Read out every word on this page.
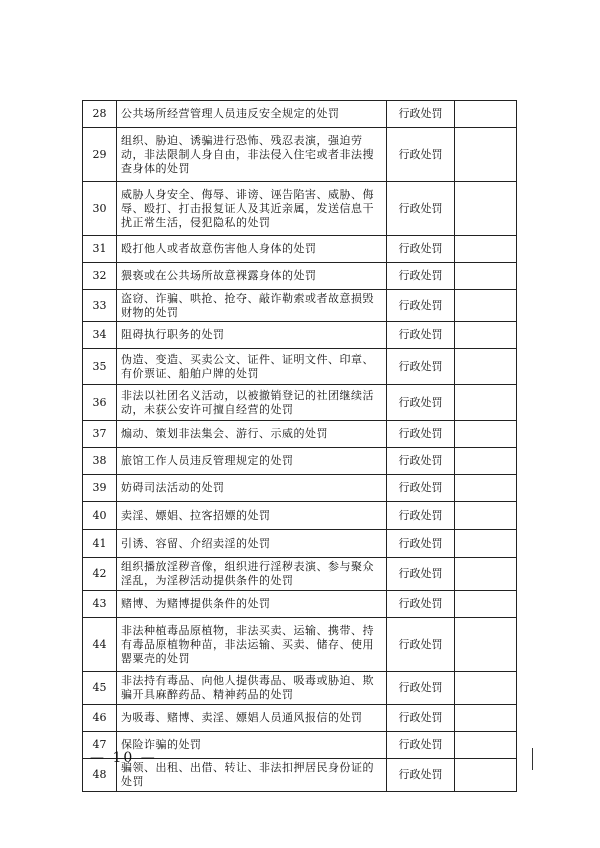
28	公共场所经营管理人员违反安全规定的处罚	行政处罚	
29	组织、胁迫、诱骗进行恐怖、残忍表演，强迫劳动，非法限制人身自由，非法侵入住宅或者非法搜查身体的处罚	行政处罚	
30	威胁人身安全、侮辱、诽谤、诬告陷害、威胁、侮辱、殴打、打击报复证人及其近亲属，发送信息干扰正常生活，侵犯隐私的处罚	行政处罚	
31	殴打他人或者故意伤害他人身体的处罚	行政处罚	
32	猥亵或在公共场所故意裸露身体的处罚	行政处罚	
33	盗窃、诈骗、哄抢、抢夺、敲诈勒索或者故意损毁财物的处罚	行政处罚	
34	阻碍执行职务的处罚	行政处罚	
35	伪造、变造、买卖公文、证件、证明文件、印章、有价票证、船舶户牌的处罚	行政处罚	
36	非法以社团名义活动，以被撤销登记的社团继续活动，未获公安许可擅自经营的处罚	行政处罚	
37	煽动、策划非法集会、游行、示威的处罚	行政处罚	
38	旅馆工作人员违反管理规定的处罚	行政处罚	
39	妨碍司法活动的处罚	行政处罚	
40	卖淫、嫖娼、拉客招嫖的处罚	行政处罚	
41	引诱、容留、介绍卖淫的处罚	行政处罚	
42	组织播放淫秽音像，组织进行淫秽表演、参与聚众淫乱，为淫秽活动提供条件的处罚	行政处罚	
43	赌博、为赌博提供条件的处罚	行政处罚	
44	非法种植毒品原植物，非法买卖、运输、携带、持有毒品原植物种苗，非法运输、买卖、储存、使用罂粟壳的处罚	行政处罚	
45	非法持有毒品、向他人提供毒品、吸毒或胁迫、欺骗开具麻醉药品、精神药品的处罚	行政处罚	
46	为吸毒、赌博、卖淫、嫖娼人员通风报信的处罚	行政处罚	
47	保险诈骗的处罚	行政处罚	
48	骗领、出租、出借、转让、非法扣押居民身份证的处罚	行政处罚	
— 10 —
